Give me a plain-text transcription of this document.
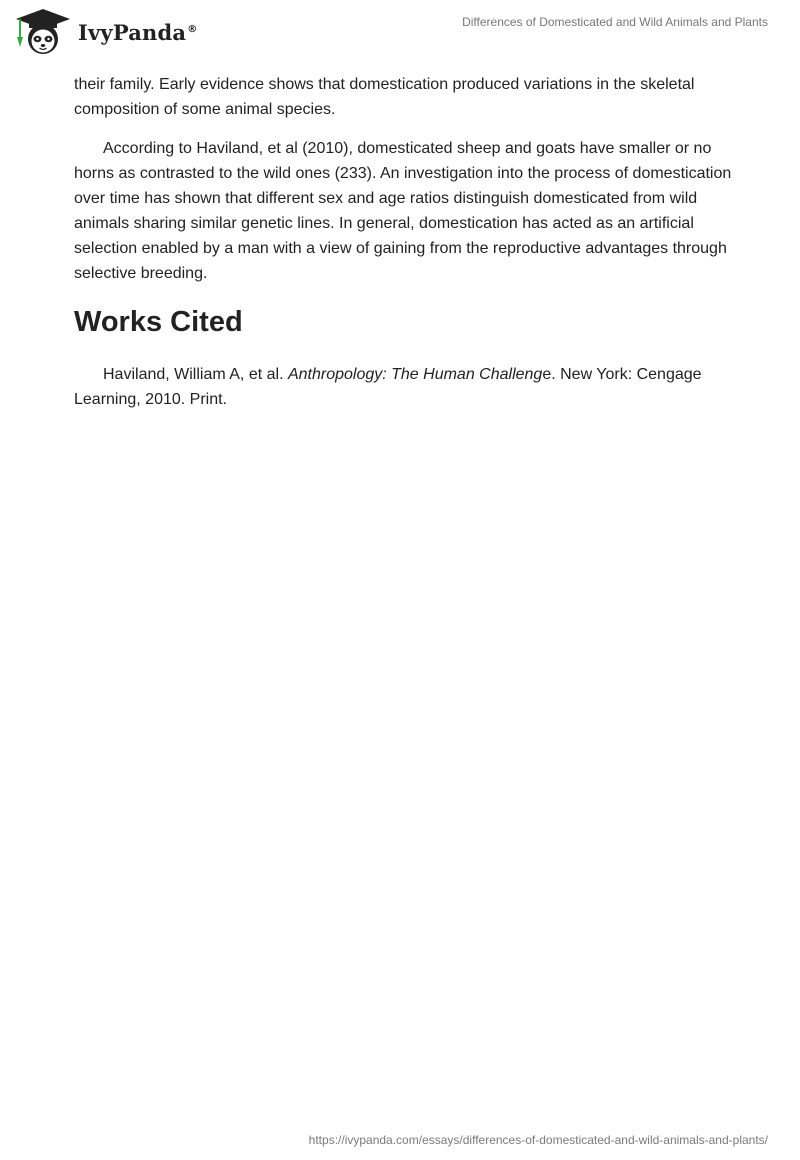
IvyPanda®	Differences of Domesticated and Wild Animals and Plants

their family. Early evidence shows that domestication produced variations in the skeletal composition of some animal species.

According to Haviland, et al (2010), domesticated sheep and goats have smaller or no horns as contrasted to the wild ones (233). An investigation into the process of domestication over time has shown that different sex and age ratios distinguish domesticated from wild animals sharing similar genetic lines. In general, domestication has acted as an artificial selection enabled by a man with a view of gaining from the reproductive advantages through selective breeding.

Works Cited

Haviland, William A, et al. Anthropology: The Human Challenge. New York: Cengage Learning, 2010. Print.

https://ivypanda.com/essays/differences-of-domesticated-and-wild-animals-and-plants/
